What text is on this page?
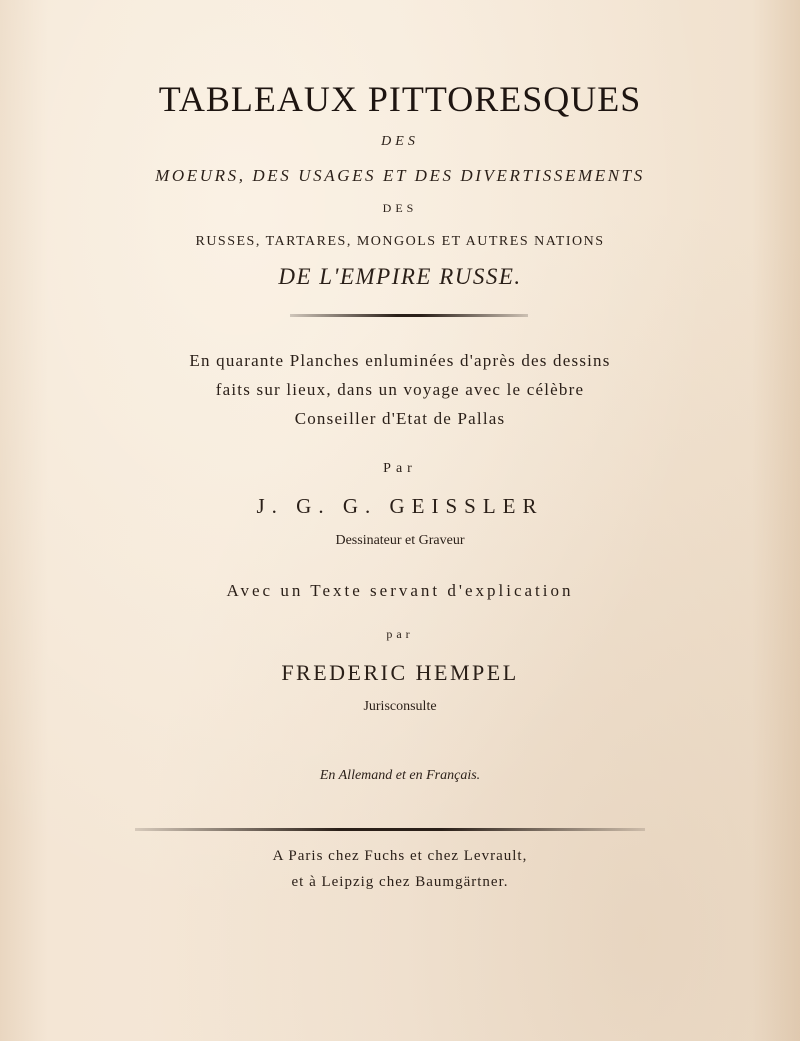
TABLEAUX PITTORESQUES
DES
MOEURS, DES USAGES ET DES DIVERTISSEMENTS
DES
RUSSES, TARTARES, MONGOLS ET AUTRES NATIONS
DE L'EMPIRE RUSSE.
En quarante Planches enluminées d'après des dessins
faits sur lieux, dans un voyage avec le célèbre
Conseiller d'Etat de Pallas
Par
J. G. G. GEISSLER
Dessinateur et Graveur
Avec un Texte servant d'explication
par
FREDERIC HEMPEL
Jurisconsulte
En Allemand et en Français.
A Paris chez Fuchs et chez Levrault,
et à Leipzig chez Baumgärtner.
